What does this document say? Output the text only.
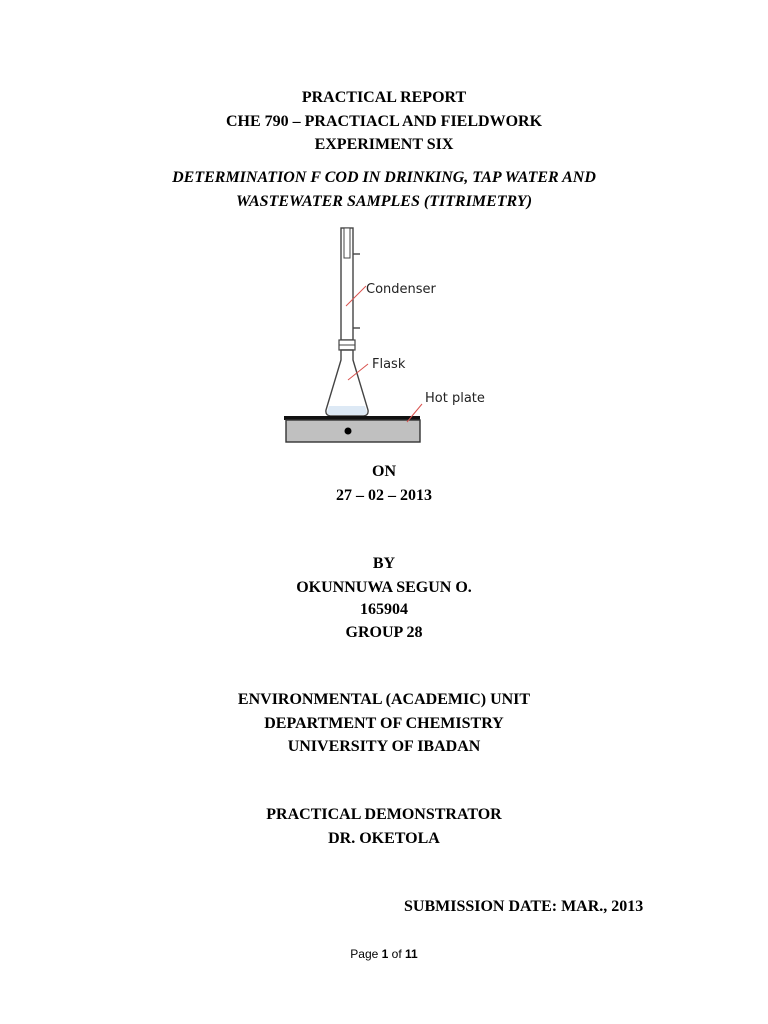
PRACTICAL REPORT
CHE 790 – PRACTIACL AND FIELDWORK
EXPERIMENT SIX
DETERMINATION F COD IN DRINKING, TAP WATER AND
WASTEWATER SAMPLES (TITRIMETRY)
Condenser
Flask
Hot plate
ON
27 – 02 – 2013
BY
OKUNNUWA SEGUN O.
165904
GROUP 28
ENVIRONMENTAL (ACADEMIC) UNIT
DEPARTMENT OF CHEMISTRY
UNIVERSITY OF IBADAN
PRACTICAL DEMONSTRATOR
DR. OKETOLA
SUBMISSION DATE: MAR., 2013
Page 1 of 11
